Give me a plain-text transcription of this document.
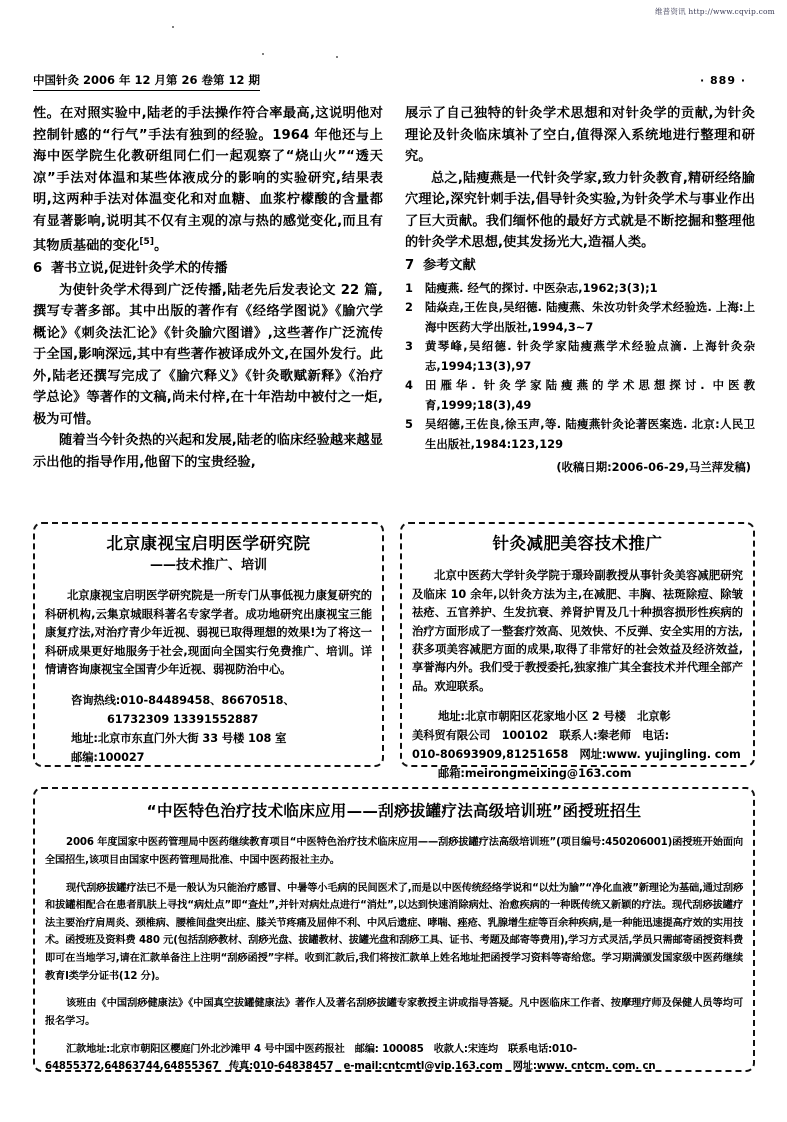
维普资讯 http://www.cqvip.com
中国针灸 2006 年 12 月第 26 卷第 12 期	· 889 ·

性。在对照实验中,陆老的手法操作符合率最高,这说明他对控制针感的“行气”手法有独到的经验。1964 年他还与上海中医学院生化教研组同仁们一起观察了“烧山火”“透天凉”手法对体温和某些体液成分的影响的实验研究,结果表明,这两种手法对体温变化和对血糖、血浆柠檬酸的含量都有显著影响,说明其不仅有主观的凉与热的感觉变化,而且有其物质基础的变化[5]。

6 著书立说,促进针灸学术的传播

为使针灸学术得到广泛传播,陆老先后发表论文 22 篇,撰写专著多部。其中出版的著作有《经络学图说》《腧穴学概论》《刺灸法汇论》《针灸腧穴图谱》,这些著作广泛流传于全国,影响深远,其中有些著作被译成外文,在国外发行。此外,陆老还撰写完成了《腧穴释义》《针灸歌赋新释》《治疗学总论》等著作的文稿,尚未付梓,在十年浩劫中被付之一炬,极为可惜。

随着当今针灸热的兴起和发展,陆老的临床经验越来越显示出他的指导作用,他留下的宝贵经验,

展示了自己独特的针灸学术思想和对针灸学的贡献,为针灸理论及针灸临床填补了空白,值得深入系统地进行整理和研究。

总之,陆瘦燕是一代针灸学家,致力针灸教育,精研经络腧穴理论,深究针刺手法,倡导针灸实验,为针灸学术与事业作出了巨大贡献。我们缅怀他的最好方式就是不断挖掘和整理他的针灸学术思想,使其发扬光大,造福人类。

7 参考文献
1 陆瘦燕. 经气的探讨. 中医杂志,1962;3(3);1
2 陆焱垚,王佐良,吴绍德. 陆瘦燕、朱汝功针灸学术经验选. 上海:上海中医药大学出版社,1994,3~7
3 黄琴峰,吴绍德. 针灸学家陆瘦燕学术经验点滴. 上海针灸杂志,1994;13(3),97
4 田雁华. 针灸学家陆瘦燕的学术思想探讨. 中医教育,1999;18(3),49
5 吴绍德,王佐良,徐玉声,等. 陆瘦燕针灸论著医案选. 北京:人民卫生出版社,1984:123,129
(收稿日期:2006-06-29,马兰萍发稿)
北京康视宝启明医学研究院
——技术推广、培训

北京康视宝启明医学研究院是一所专门从事低视力康复研究的科研机构,云集京城眼科著名专家学者。成功地研究出康视宝三能康复疗法,对治疗青少年近视、弱视已取得理想的效果!为了将这一科研成果更好地服务于社会,现面向全国实行免费推广、培训。详情请咨询康视宝全国青少年近视、弱视防治中心。

咨询热线:010-84489458、86670518、
61732309 13391552887
地址:北京市东直门外大街 33 号楼 108 室
邮编:100027
针灸减肥美容技术推广

北京中医药大学针灸学院于璟玲副教授从事针灸美容减肥研究及临床 10 余年,以针灸方法为主,在减肥、丰胸、祛斑除痘、除皱祛疮、五官养护、生发抗衰、养肾护胃及几十种损容损形性疾病的治疗方面形成了一整套疗效高、见效快、不反弹、安全实用的方法,获多项美容减肥方面的成果,取得了非常好的社会效益及经济效益,享誉海内外。我们受于教授委托,独家推广其全套技术并代理全部产品。欢迎联系。

地址:北京市朝阳区花家地小区 2 号楼　北京彰
美科贸有限公司　100102　联系人:秦老师　电话:
010-80693909,81251658　网址:www. yujingling. com
邮箱:meirongmeixing@163.com
“中医特色治疗技术临床应用——刮痧拔罐疗法高级培训班”函授班招生

2006 年度国家中医药管理局中医药继续教育项目“中医特色治疗技术临床应用——刮痧拔罐疗法高级培训班”(项目编号:450206001)函授班开始面向全国招生,该项目由国家中医药管理局批准、中国中医药报社主办。

现代刮痧拔罐疗法已不是一般认为只能治疗感冒、中暑等小毛病的民间医术了,而是以中医传统经络学说和“以灶为腧”“净化血液”新理论为基础,通过刮痧和拔罐相配合在患者肌肤上寻找“病灶点”即“查灶”,并针对病灶点进行“消灶”,以达到快速消除病灶、治愈疾病的一种既传统又新颖的疗法。现代刮痧拔罐疗法主要治疗肩周炎、颈椎病、腰椎间盘突出症、膝关节疼痛及屈伸不利、中风后遗症、哮喘、痤疮、乳腺增生症等百余种疾病,是一种能迅速提高疗效的实用技术。函授班及资料费 480 元(包括刮痧教材、刮痧光盘、拔罐教材、拔罐光盘和刮痧工具、证书、考题及邮寄等费用),学习方式灵活,学员只需邮寄函授资料费即可在当地学习,请在汇款单备注上注明“刮痧函授”字样。收到汇款后,我们将按汇款单上姓名地址把函授学习资料等寄给您。学习期满颁发国家级中医药继续教育Ⅰ类学分证书(12 分)。

该班由《中国刮痧健康法》《中国真空拔罐健康法》著作人及著名刮痧拔罐专家教授主讲或指导答疑。凡中医临床工作者、按摩理疗师及保健人员等均可报名学习。

汇款地址:北京市朝阳区樱庭门外北沙滩甲 4 号中国中医药报社　邮编: 100085　收款人:宋连均　联系电话:010-
64855372,64863744,64855367　传真:010-64838457　e-mail:cntcmtl@vip.163.com　网址:www. cntcm. com. cn
